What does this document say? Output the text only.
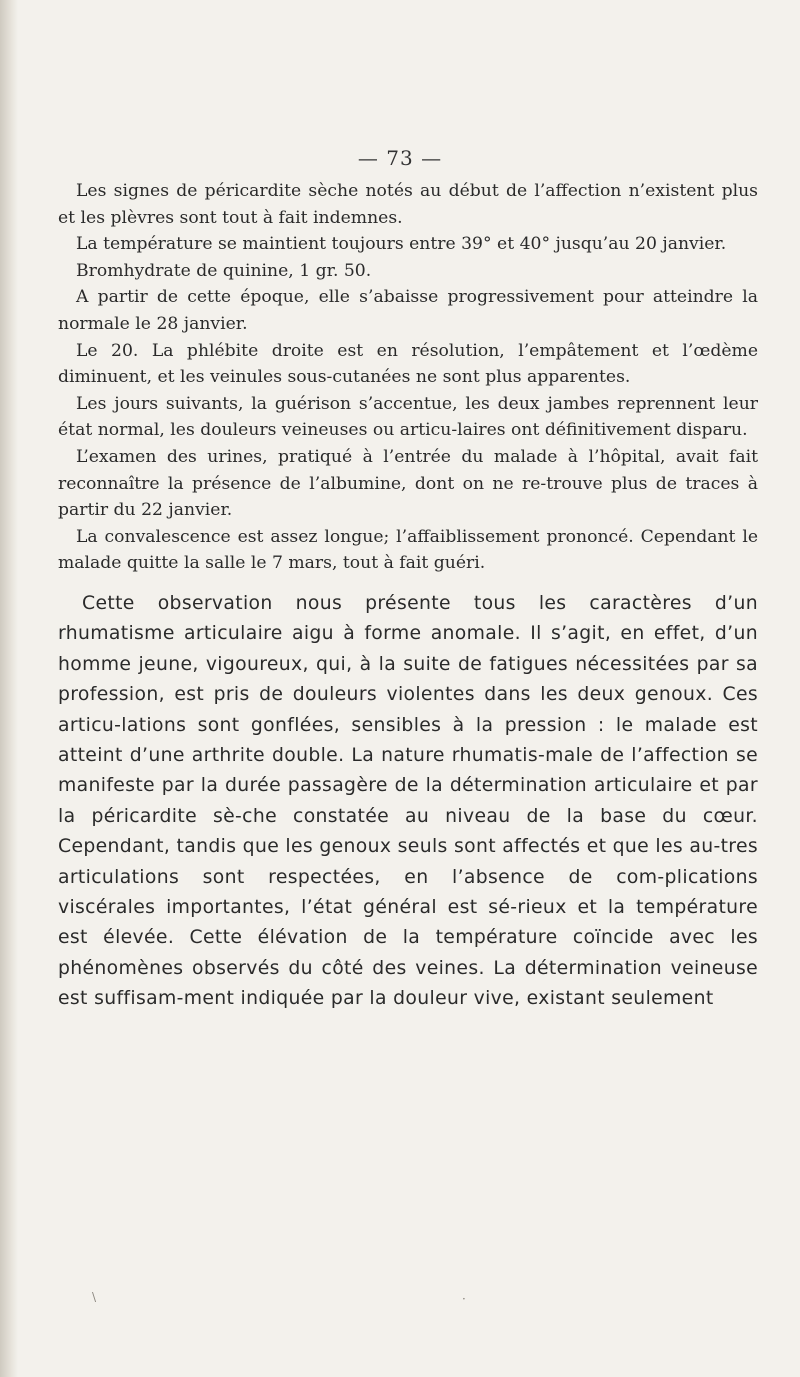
— 73 —

Les signes de péricardite sèche notés au début de l’affection n’existent plus et les plèvres sont tout à fait indemnes.

La température se maintient toujours entre 39° et 40° jusqu’au 20 janvier.

Bromhydrate de quinine, 1 gr. 50.

A partir de cette époque, elle s’abaisse progressivement pour atteindre la normale le 28 janvier.

Le 20. La phlébite droite est en résolution, l’empâtement et l’œdème diminuent, et les veinules sous-cutanées ne sont plus apparentes.

Les jours suivants, la guérison s’accentue, les deux jambes reprennent leur état normal, les douleurs veineuses ou articu-laires ont définitivement disparu.

L’examen des urines, pratiqué à l’entrée du malade à l’hôpital, avait fait reconnaître la présence de l’albumine, dont on ne re-trouve plus de traces à partir du 22 janvier.

La convalescence est assez longue; l’affaiblissement prononcé. Cependant le malade quitte la salle le 7 mars, tout à fait guéri.

Cette observation nous présente tous les caractères d’un rhumatisme articulaire aigu à forme anomale. Il s’agit, en effet, d’un homme jeune, vigoureux, qui, à la suite de fatigues nécessitées par sa profession, est pris de douleurs violentes dans les deux genoux. Ces articu-lations sont gonflées, sensibles à la pression : le malade est atteint d’une arthrite double. La nature rhumatis-male de l’affection se manifeste par la durée passagère de la détermination articulaire et par la péricardite sè-che constatée au niveau de la base du cœur. Cependant, tandis que les genoux seuls sont affectés et que les au-tres articulations sont respectées, en l’absence de com-plications viscérales importantes, l’état général est sé-rieux et la température est élevée. Cette élévation de la température coïncide avec les phénomènes observés du côté des veines. La détermination veineuse est suffisam-ment indiquée par la douleur vive, existant seulement

\	·
